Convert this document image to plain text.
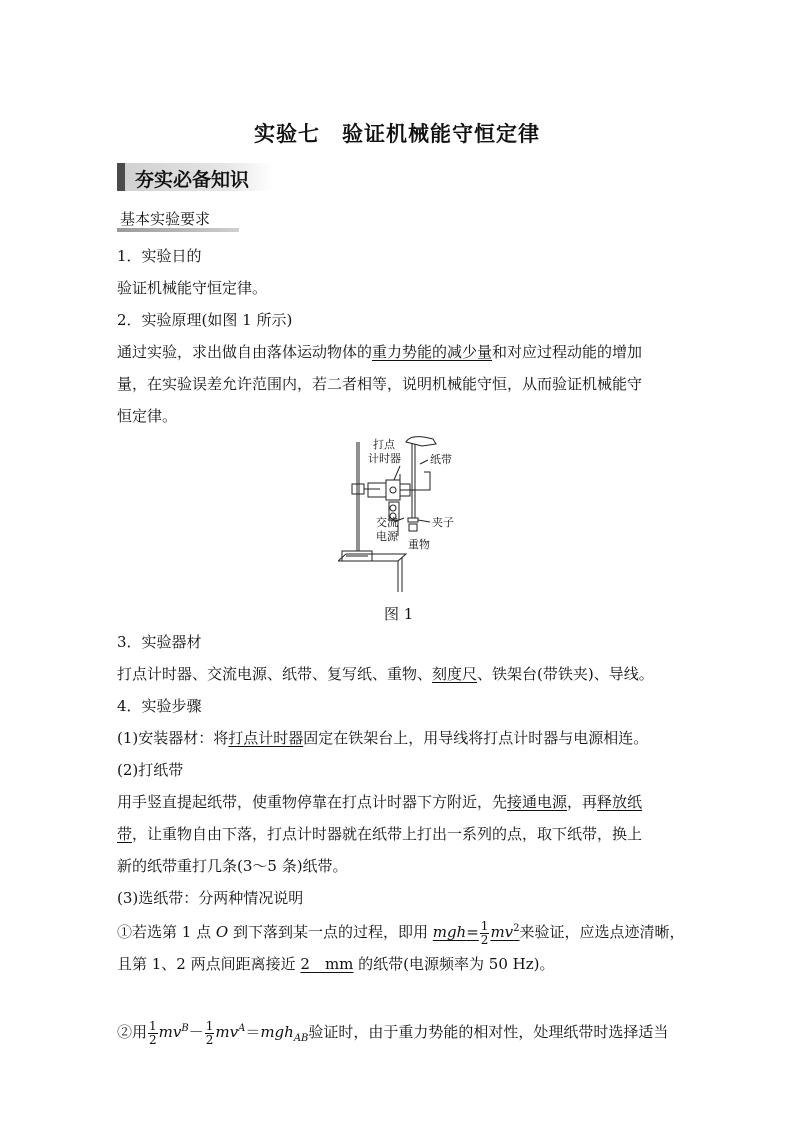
实验七　验证机械能守恒定律
夯实必备知识
基本实验要求
1．实验日的
验证机械能守恒定律。
2．实验原理(如图 1 所示)
通过实验，求出做自由落体运动物体的重力势能的减少量和对应过程动能的增加
量，在实验误差允许范围内，若二者相等，说明机械能守恒，从而验证机械能守
恒定律。
打点
计时器	纸带
交流
电源
夹子
重物
图 1
3．实验器材
打点计时器、交流电源、纸带、复写纸、重物、刻度尺、铁架台(带铁夹)、导线。
4．实验步骤
(1)安装器材：将打点计时器固定在铁架台上，用导线将打点计时器与电源相连。
(2)打纸带
用手竖直提起纸带，使重物停靠在打点计时器下方附近，先接通电源，再释放纸
带，让重物自由下落，打点计时器就在纸带上打出一系列的点，取下纸带，换上
新的纸带重打几条(3～5 条)纸带。
(3)选纸带：分两种情况说明
①若选第 1 点 O 到下落到某一点的过程，即用 $mgh= \frac{1}{2} mv^2$来验证，应选点迹清晰，
且第 1、2 两点间距离接近 2　mm 的纸带(电源频率为 50 Hz)。
②用 $\frac{1}{2} mv^B- \frac{1}{2} mv^A=mgh_{AB}$验证时，由于重力势能的相对性，处理纸带时选择适当
